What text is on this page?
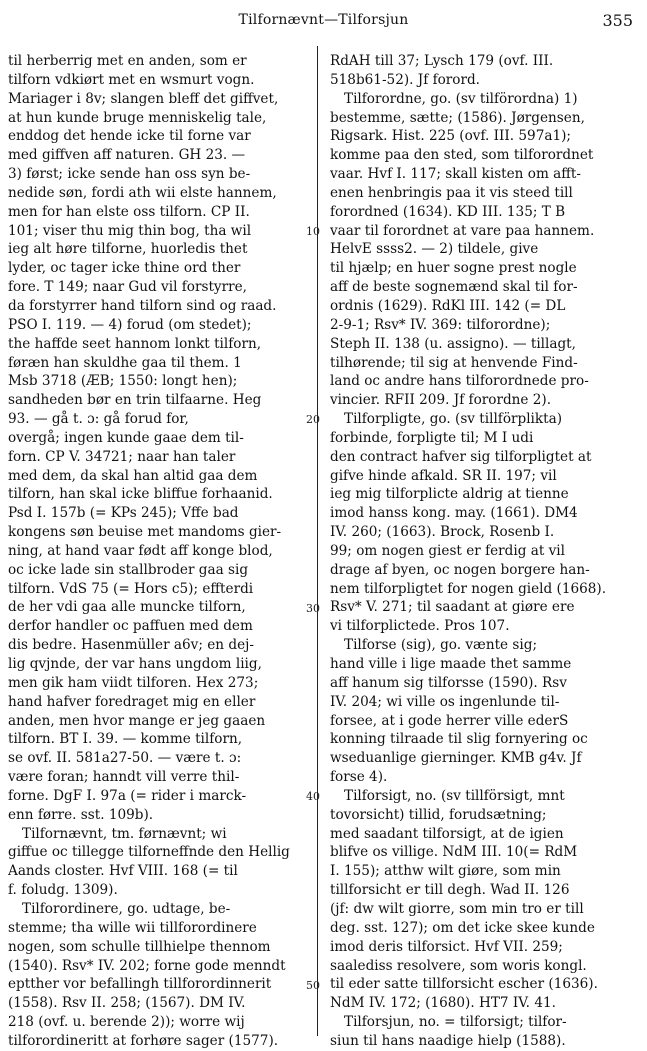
Tilfornævnt—Tilforsjun	355
til herberrig met en anden, som er
tilforn vdkiørt met en wsmurt vogn.
Mariager i 8v; slangen bleff det giffvet,
at hun kunde bruge menniskelig tale,
enddog det hende icke til forne var
med giffven aff naturen. GH 23. —
3) først; icke sende han oss syn be-
nedide søn, fordi ath wii elste hannem,
men for han elste oss tilforn. CP II.
101; viser thu mig thin bog, tha wil
ieg alt høre tilforne, huorledis thet
lyder, oc tager icke thine ord ther
fore. T 149; naar Gud vil forstyrre,
da forstyrrer hand tilforn sind og raad.
PSO I. 119. — 4) forud (om stedet);
the haffde seet hannom lonkt tilforn,
føræn han skuldhe gaa til them. 1
Msb 3718 (ÆB; 1550: longt hen);
sandheden bør en trin tilfaarne. Heg
93. — gå t. ɔ: gå forud for,
overgå; ingen kunde gaae dem til-
forn. CP V. 34721; naar han taler
med dem, da skal han altid gaa dem
tilforn, han skal icke bliffue forhaanid.
Psd I. 157b (= KPs 245); Vffe bad
kongens søn beuise met mandoms gier-
ning, at hand vaar født aff konge blod,
oc icke lade sin stallbroder gaa sig
tilforn. VdS 75 (= Hors c5); effterdi
de her vdi gaa alle muncke tilforn,
derfor handler oc paffuen med dem
dis bedre. Hasenmüller a6v; en dej-
lig qvjnde, der var hans ungdom liig,
men gik ham viidt tilforen. Hex 273;
hand hafver foredraget mig en eller
anden, men hvor mange er jeg gaaen
tilforn. BT I. 39. — komme tilforn,
se ovf. II. 581a27-50. — være t. ɔ:
være foran; hanndt vill verre thil-
forne. DgF I. 97a (= rider i marck-
enn førre. sst. 109b).
Tilfornævnt, tm. førnævnt; wi
giffue oc tillegge tilforneffnde den Hellig
Aands closter. Hvf VIII. 168 (= til
f. foludg. 1309).
Tilforordinere, go. udtage, be-
stemme; tha wille wii tillforordinere
nogen, som schulle tillhielpe thennom
(1540). Rsv* IV. 202; forne gode menndt
eptther vor befallingh tillforordinnerit
(1558). Rsv II. 258; (1567). DM IV.
218 (ovf. u. berende 2)); worre wij
tilforordineritt at forhøre sager (1577).
RdAH till 37; Lysch 179 (ovf. III.
518b61-52). Jf forord.
Tilforordne, go. (sv tilförordna) 1)
bestemme, sætte; (1586). Jørgensen,
Rigsark. Hist. 225 (ovf. III. 597a1);
komme paa den sted, som tilforordnet
vaar. Hvf I. 117; skall kisten om afft-
enen henbringis paa it vis steed till
forordned (1634). KD III. 135; T B
vaar til forordnet at vare paa hannem.
HelvE ssss2. — 2) tildele, give
til hjælp; en huer sogne prest nogle
aff de beste sognemænd skal til for-
ordnis (1629). RdKl III. 142 (= DL
2-9-1; Rsv* IV. 369: tilforordne);
Steph II. 138 (u. assigno). — tillagt,
tilhørende; til sig at henvende Find-
land oc andre hans tilforordnede pro-
vincier. RFII 209. Jf forordne 2).
Tilforpligte, go. (sv tillförplikta)
forbinde, forpligte til; M I udi
den contract hafver sig tilforpligtet at
gifve hinde afkald. SR II. 197; vil
ieg mig tilforplicte aldrig at tienne
imod hanss kong. may. (1661). DM4
IV. 260; (1663). Brock, Rosenb I.
99; om nogen giest er ferdig at vil
drage af byen, oc nogen borgere han-
nem tilforpligtet for nogen gield (1668).
Rsv* V. 271; til saadant at giøre ere
vi tilforplictede. Pros 107.
Tilforse (sig), go. vænte sig;
hand ville i lige maade thet samme
aff hanum sig tilforsse (1590). Rsv
IV. 204; wi ville os ingenlunde til-
forsee, at i gode herrer ville ederS
konning tilraade til slig fornyering oc
wseduanlige gierninger. KMB g4v. Jf
forse 4).
Tilforsigt, no. (sv tillförsigt, mnt
tovorsicht) tillid, forudsætning;
med saadant tilforsigt, at de igien
blifve os villige. NdM III. 10(= RdM
I. 155); atthw wilt giøre, som min
tillforsicht er till degh. Wad II. 126
(jf: dw wilt giorre, som min tro er till
deg. sst. 127); om det icke skee kunde
imod deris tilforsict. Hvf VII. 259;
saalediss resolvere, som woris kongl.
til eder satte tillforsicht escher (1636).
NdM IV. 172; (1680). HT7 IV. 41.
Tilforsjun, no. = tilforsigt; tilfor-
siun til hans naadige hielp (1588).
10
20
30
40
50
